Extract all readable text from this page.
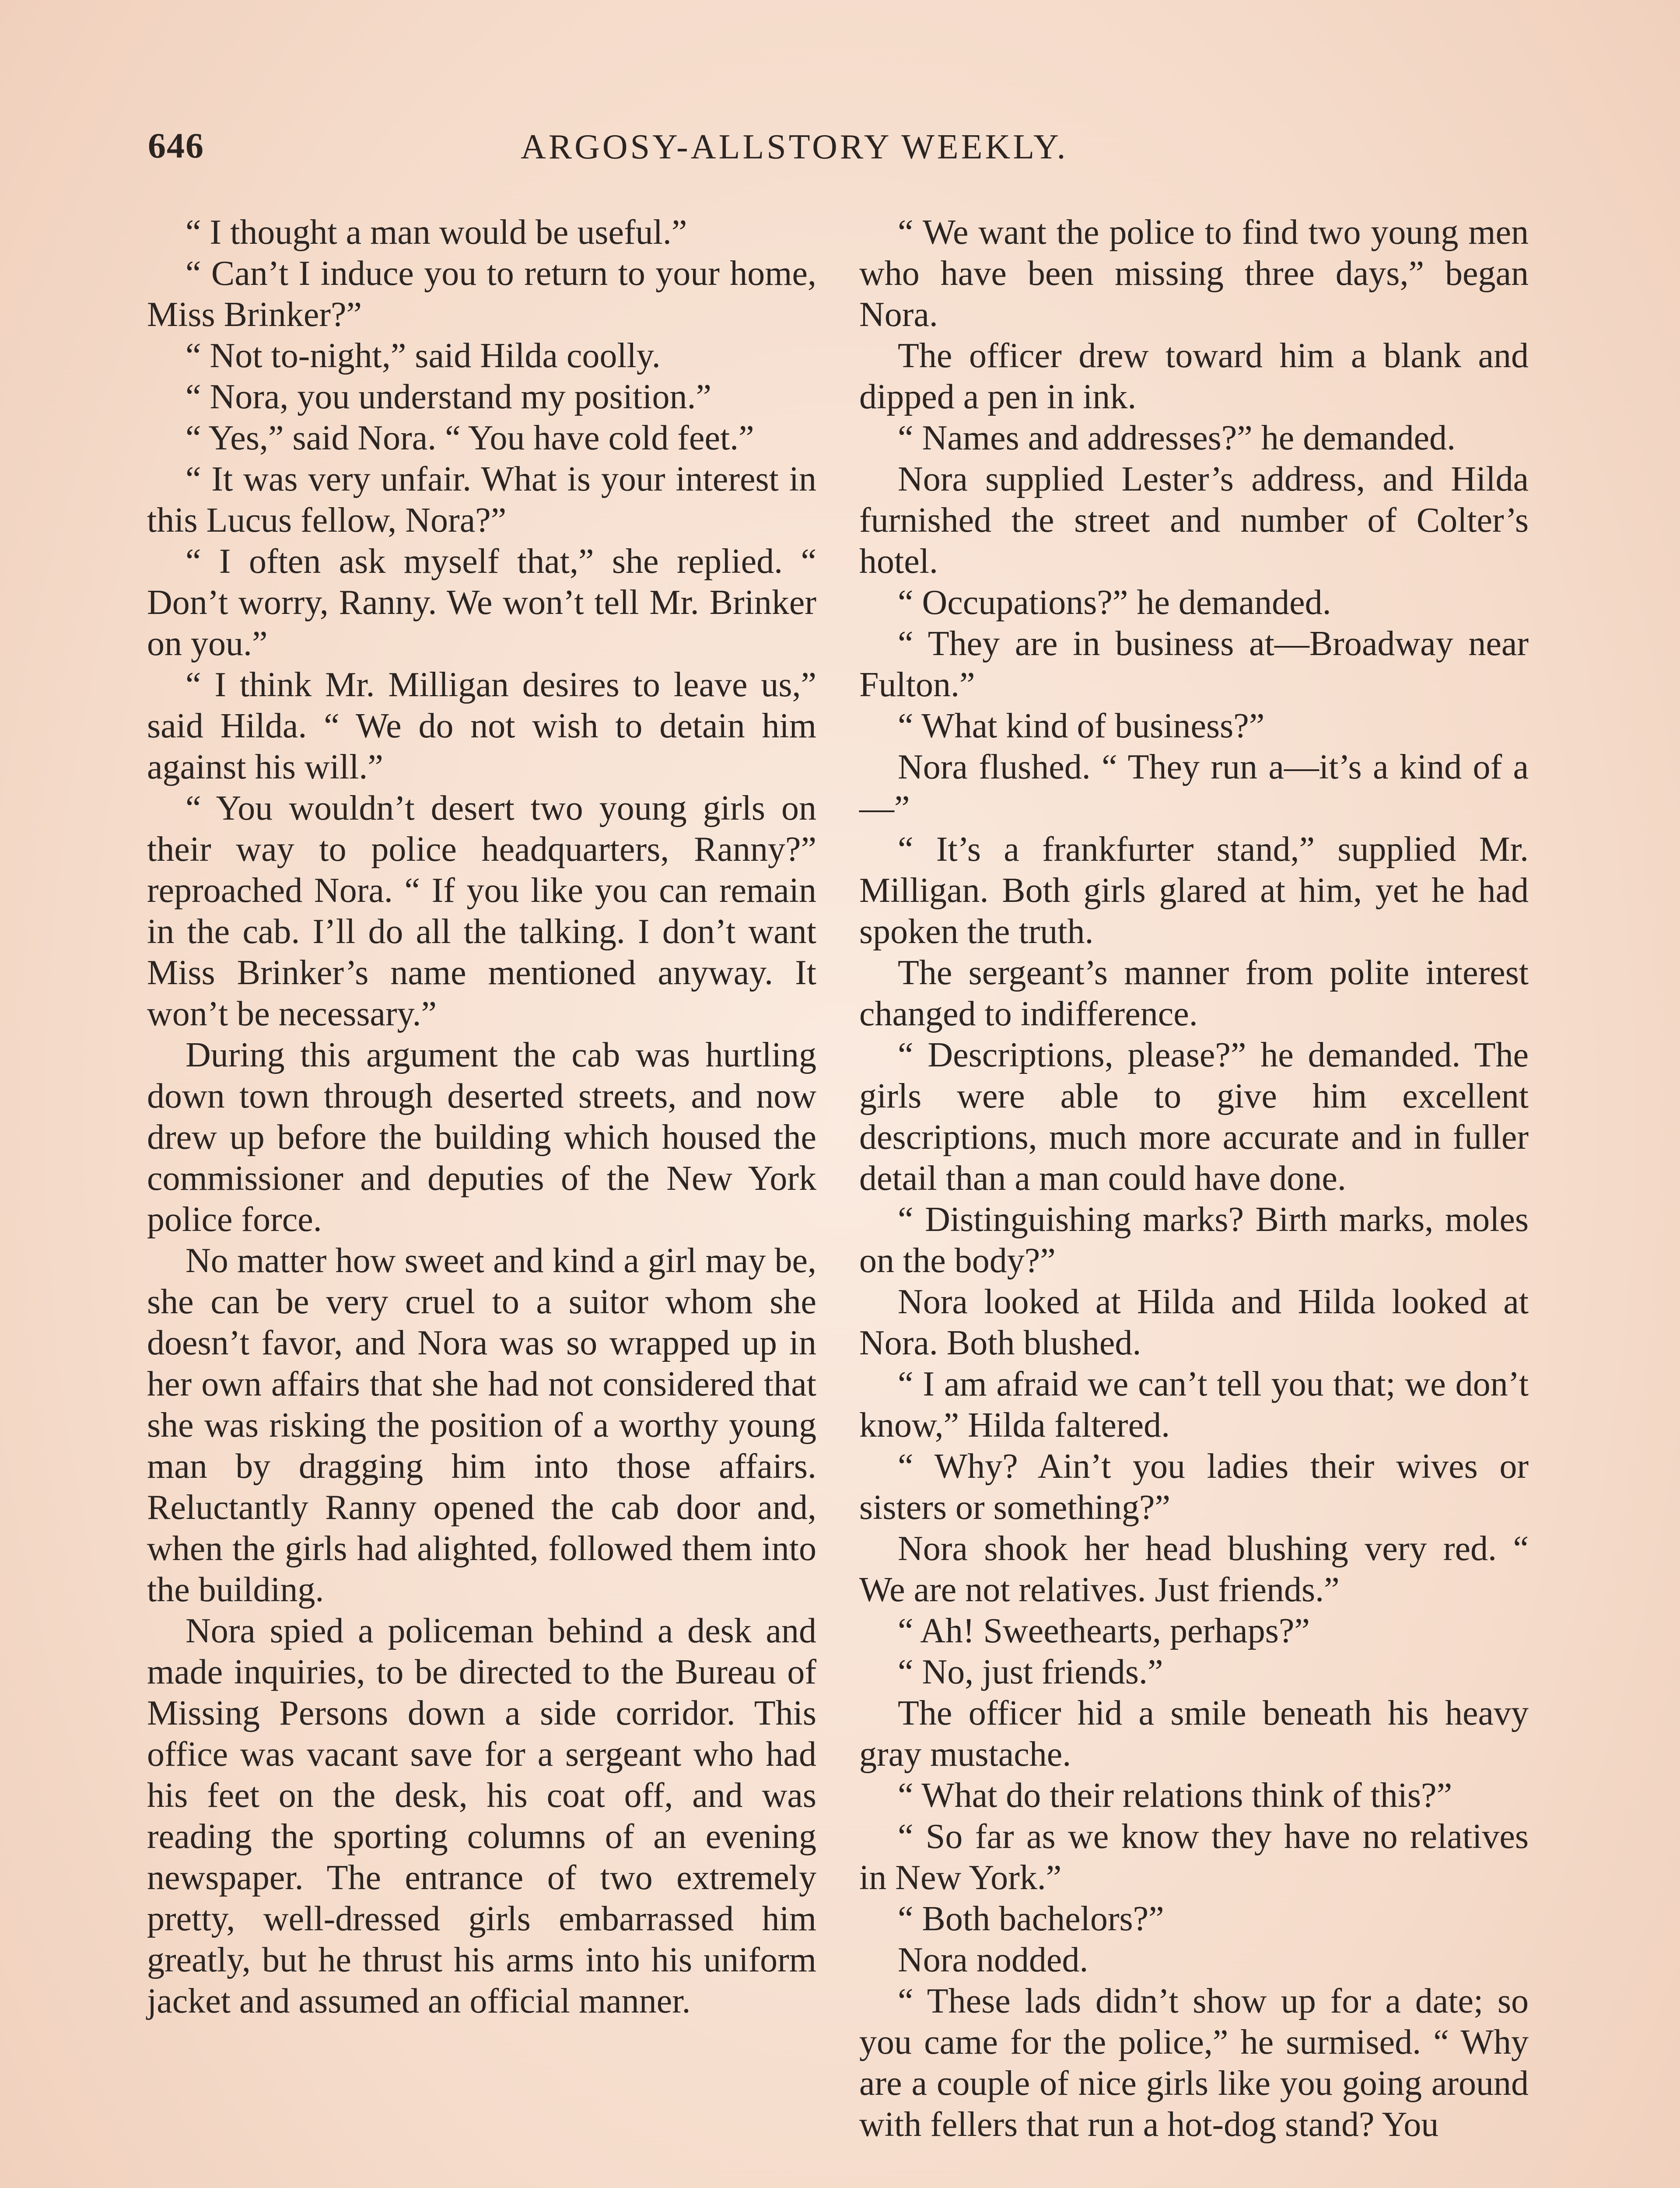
646	ARGOSY-ALLSTORY WEEKLY.

“ I thought a man would be useful.”

“ Can’t I induce you to return to your home, Miss Brinker?”

“ Not to-night,” said Hilda coolly.

“ Nora, you understand my position.”

“ Yes,” said Nora. “ You have cold feet.”

“ It was very unfair. What is your interest in this Lucus fellow, Nora?”

“ I often ask myself that,” she replied. “ Don’t worry, Ranny. We won’t tell Mr. Brinker on you.”

“ I think Mr. Milligan desires to leave us,” said Hilda. “ We do not wish to detain him against his will.”

“ You wouldn’t desert two young girls on their way to police headquarters, Ranny?” reproached Nora. “ If you like you can remain in the cab. I’ll do all the talking. I don’t want Miss Brinker’s name mentioned anyway. It won’t be necessary.”

During this argument the cab was hurtling down town through deserted streets, and now drew up before the building which housed the commissioner and deputies of the New York police force.

No matter how sweet and kind a girl may be, she can be very cruel to a suitor whom she doesn’t favor, and Nora was so wrapped up in her own affairs that she had not considered that she was risking the position of a worthy young man by dragging him into those affairs. Reluctantly Ranny opened the cab door and, when the girls had alighted, followed them into the building.

Nora spied a policeman behind a desk and made inquiries, to be directed to the Bureau of Missing Persons down a side corridor. This office was vacant save for a sergeant who had his feet on the desk, his coat off, and was reading the sporting columns of an evening newspaper. The entrance of two extremely pretty, well-dressed girls embarrassed him greatly, but he thrust his arms into his uniform jacket and assumed an official manner.

“ We want the police to find two young men who have been missing three days,” began Nora.

The officer drew toward him a blank and dipped a pen in ink.

“ Names and addresses?” he demanded.

Nora supplied Lester’s address, and Hilda furnished the street and number of Colter’s hotel.

“ Occupations?” he demanded.

“ They are in business at—Broadway near Fulton.”

“ What kind of business?”

Nora flushed. “ They run a—it’s a kind of a—”

“ It’s a frankfurter stand,” supplied Mr. Milligan. Both girls glared at him, yet he had spoken the truth.

The sergeant’s manner from polite interest changed to indifference.

“ Descriptions, please?” he demanded. The girls were able to give him excellent descriptions, much more accurate and in fuller detail than a man could have done.

“ Distinguishing marks? Birth marks, moles on the body?”

Nora looked at Hilda and Hilda looked at Nora. Both blushed.

“ I am afraid we can’t tell you that; we don’t know,” Hilda faltered.

“ Why? Ain’t you ladies their wives or sisters or something?”

Nora shook her head blushing very red. “ We are not relatives. Just friends.”

“ Ah! Sweethearts, perhaps?”

“ No, just friends.”

The officer hid a smile beneath his heavy gray mustache.

“ What do their relations think of this?”

“ So far as we know they have no relatives in New York.”

“ Both bachelors?”

Nora nodded.

“ These lads didn’t show up for a date; so you came for the police,” he surmised. “ Why are a couple of nice girls like you going around with fellers that run a hot-dog stand? You
